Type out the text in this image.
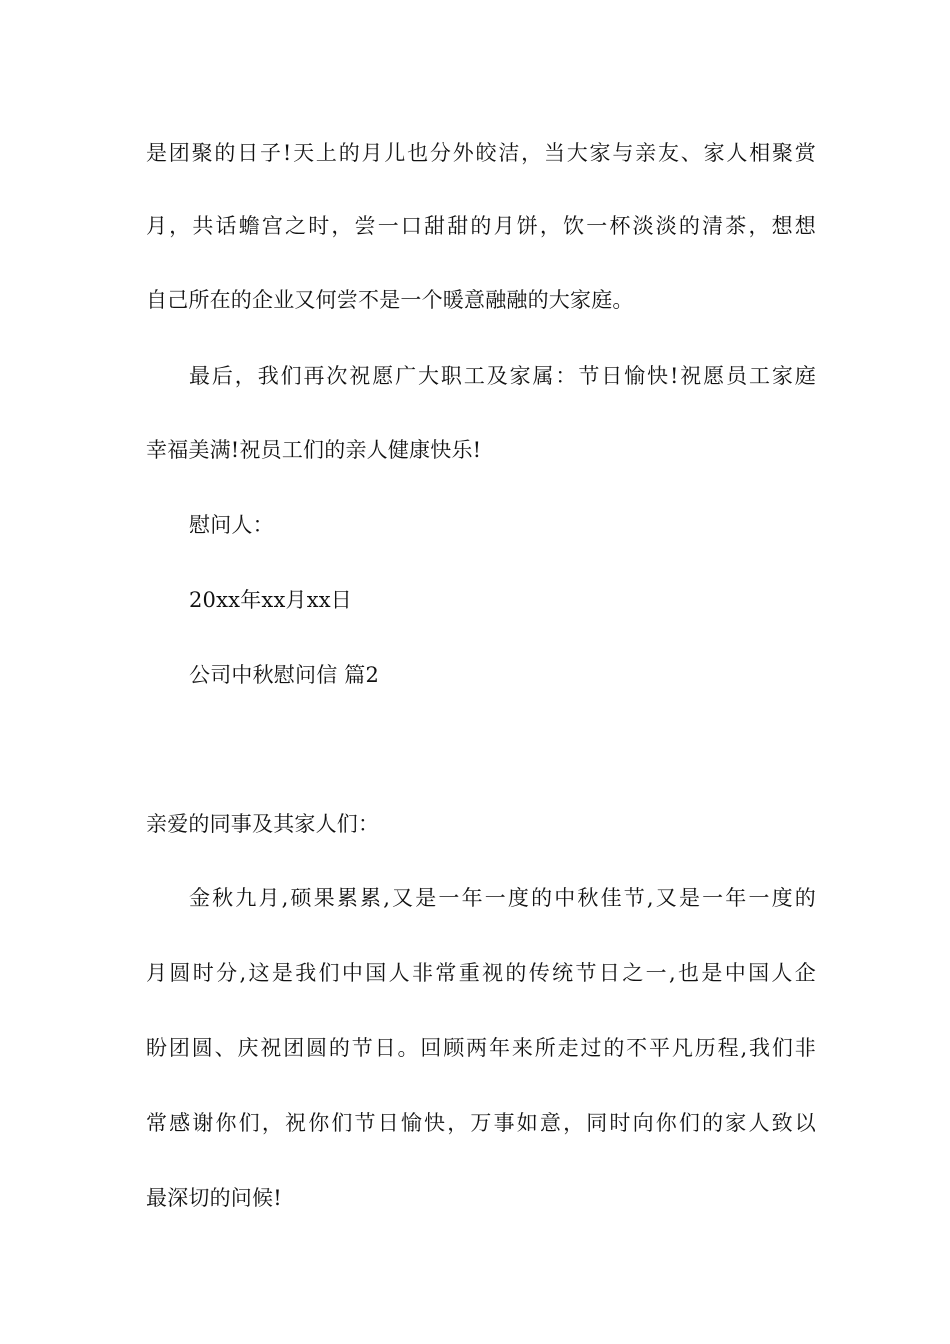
是团聚的日子!天上的月儿也分外皎洁，当大家与亲友、家人相聚赏
月，共话蟾宫之时，尝一口甜甜的月饼，饮一杯淡淡的清茶，想想
自己所在的企业又何尝不是一个暖意融融的大家庭。
最后，我们再次祝愿广大职工及家属：节日愉快!祝愿员工家庭
幸福美满!祝员工们的亲人健康快乐!
慰问人：
20xx年xx月xx日
公司中秋慰问信 篇2
亲爱的同事及其家人们：
金秋九月,硕果累累,又是一年一度的中秋佳节,又是一年一度的
月圆时分,这是我们中国人非常重视的传统节日之一,也是中国人企
盼团圆、庆祝团圆的节日。回顾两年来所走过的不平凡历程,我们非
常感谢你们，祝你们节日愉快，万事如意，同时向你们的家人致以
最深切的问候!
